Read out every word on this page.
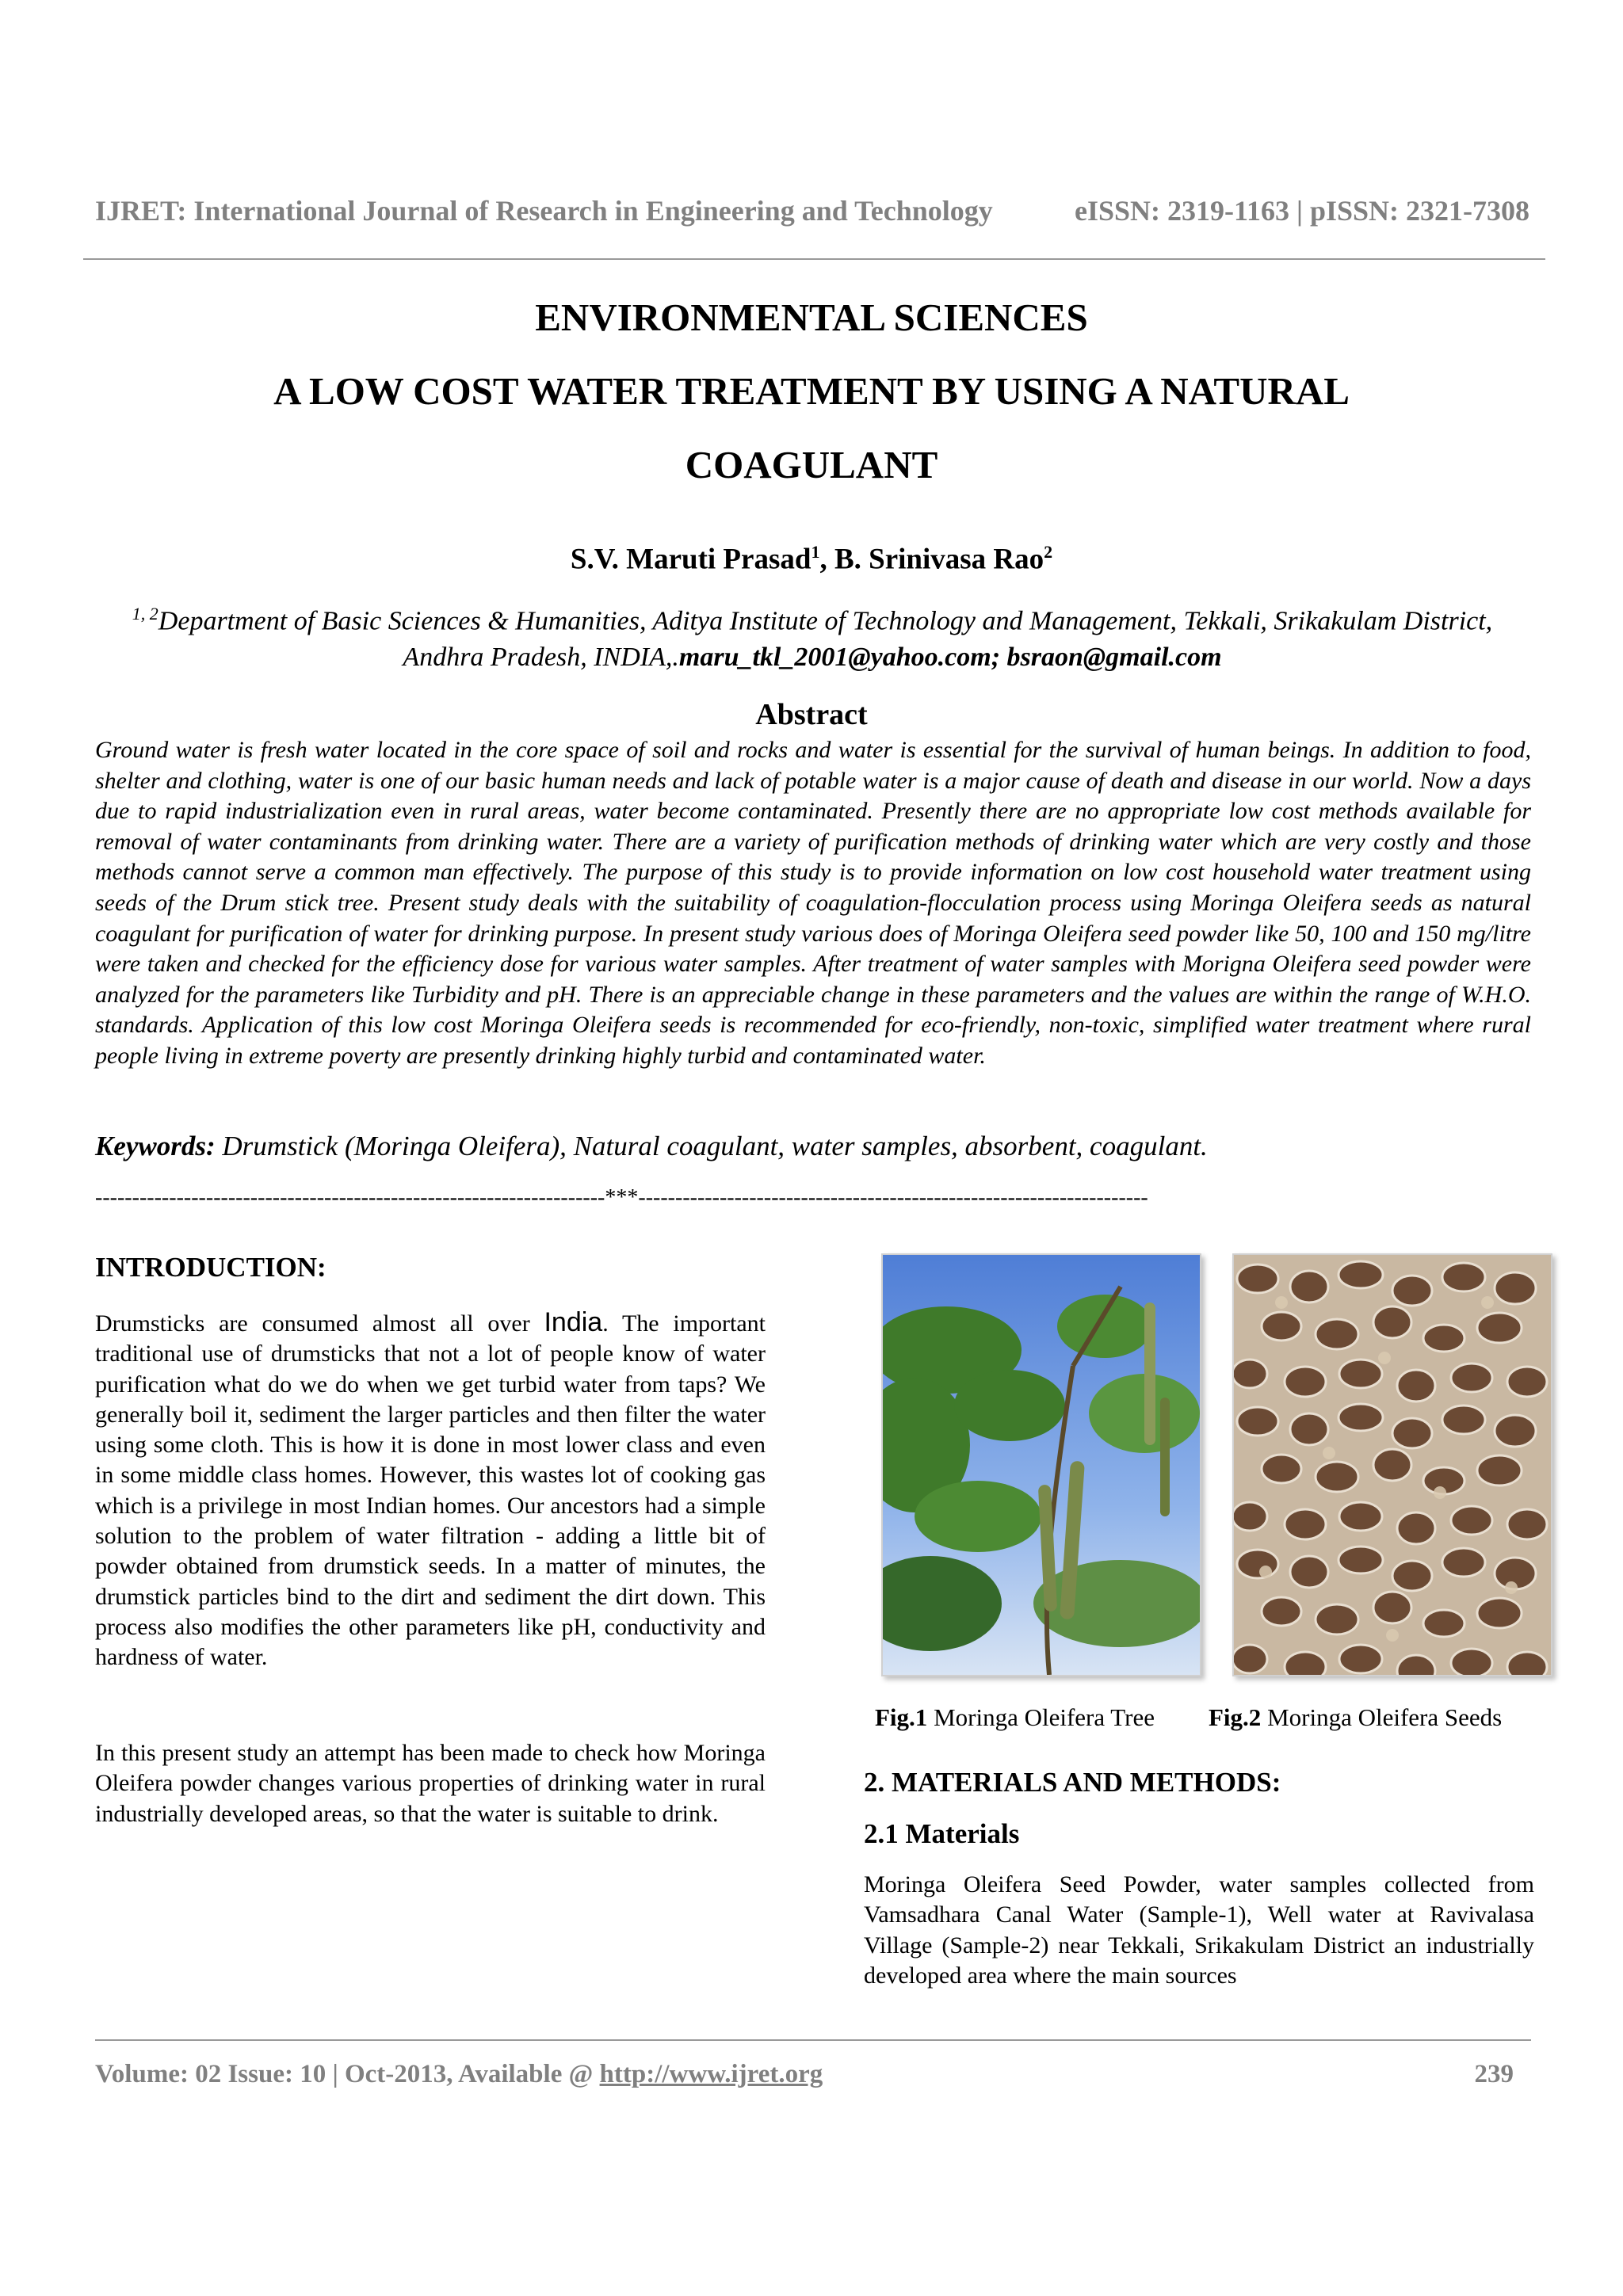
IJRET: International Journal of Research in Engineering and Technology	eISSN: 2319-1163 | pISSN: 2321-7308
ENVIRONMENTAL SCIENCES
A LOW COST WATER TREATMENT BY USING A NATURAL
COAGULANT
S.V. Maruti Prasad$^1$, B. Srinivasa Rao$^2$
$^{1, 2}$Department of Basic Sciences & Humanities, Aditya Institute of Technology and Management, Tekkali, Srikakulam District, Andhra Pradesh, INDIA,.maru_tkl_2001@yahoo.com; bsraon@gmail.com
Abstract
Ground water is fresh water located in the core space of soil and rocks and water is essential for the survival of human beings. In addition to food, shelter and clothing, water is one of our basic human needs and lack of potable water is a major cause of death and disease in our world. Now a days due to rapid industrialization even in rural areas, water become contaminated. Presently there are no appropriate low cost methods available for removal of water contaminants from drinking water. There are a variety of purification methods of drinking water which are very costly and those methods cannot serve a common man effectively. The purpose of this study is to provide information on low cost household water treatment using seeds of the Drum stick tree. Present study deals with the suitability of coagulation-flocculation process using Moringa Oleifera seeds as natural coagulant for purification of water for drinking purpose. In present study various does of Moringa Oleifera seed powder like 50, 100 and 150 mg/litre were taken and checked for the efficiency dose for various water samples. After treatment of water samples with Morigna Oleifera seed powder were analyzed for the parameters like Turbidity and pH. There is an appreciable change in these parameters and the values are within the range of W.H.O. standards. Application of this low cost Moringa Oleifera seeds is recommended for eco-friendly, non-toxic, simplified water treatment where rural people living in extreme poverty are presently drinking highly turbid and contaminated water.
Keywords: Drumstick (Moringa Oleifera), Natural coagulant, water samples, absorbent, coagulant.
---------------------------------------------------------------------***---------------------------------------------------------------------
INTRODUCTION:
Drumsticks are consumed almost all over India. The important traditional use of drumsticks that not a lot of people know of water purification what do we do when we get turbid water from taps? We generally boil it, sediment the larger particles and then filter the water using some cloth. This is how it is done in most lower class and even in some middle class homes. However, this wastes lot of cooking gas which is a privilege in most Indian homes. Our ancestors had a simple solution to the problem of water filtration - adding a little bit of powder obtained from drumstick seeds. In a matter of minutes, the drumstick particles bind to the dirt and sediment the dirt down. This process also modifies the other parameters like pH, conductivity and hardness of water.
In this present study an attempt has been made to check how Moringa Oleifera powder changes various properties of drinking water in rural industrially developed areas, so that the water is suitable to drink.
Fig.1 Moringa Oleifera Tree Fig.2 Moringa Oleifera Seeds
2. MATERIALS AND METHODS:
2.1 Materials
Moringa Oleifera Seed Powder, water samples collected from Vamsadhara Canal Water (Sample-1), Well water at Ravivalasa Village (Sample-2) near Tekkali, Srikakulam District an industrially developed area where the main sources
Volume: 02 Issue: 10 | Oct-2013, Available @ http://www.ijret.org	239
